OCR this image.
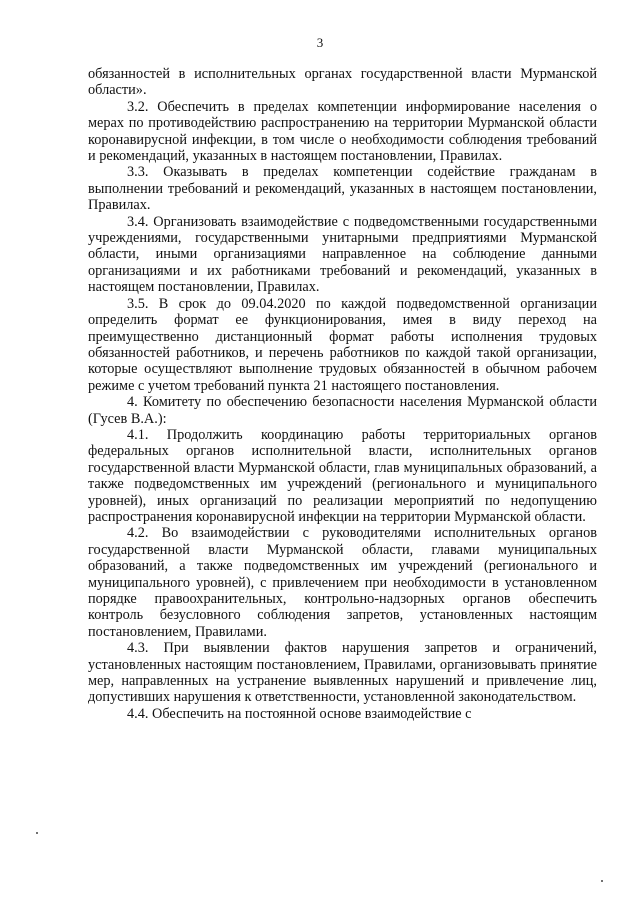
3

обязанностей в исполнительных органах государственной власти Мурманской области».

3.2. Обеспечить в пределах компетенции информирование населения о мерах по противодействию распространению на территории Мурманской области коронавирусной инфекции, в том числе о необходимости соблюдения требований и рекомендаций, указанных в настоящем постановлении, Правилах.

3.3. Оказывать в пределах компетенции содействие гражданам в выполнении требований и рекомендаций, указанных в настоящем постановлении, Правилах.

3.4. Организовать взаимодействие с подведомственными государственными учреждениями, государственными унитарными предприятиями Мурманской области, иными организациями направленное на соблюдение данными организациями и их работниками требований и рекомендаций, указанных в настоящем постановлении, Правилах.

3.5. В срок до 09.04.2020 по каждой подведомственной организации определить формат ее функционирования, имея в виду переход на преимущественно дистанционный формат работы исполнения трудовых обязанностей работников, и перечень работников по каждой такой организации, которые осуществляют выполнение трудовых обязанностей в обычном рабочем режиме с учетом требований пункта 21 настоящего постановления.

4. Комитету по обеспечению безопасности населения Мурманской области (Гусев В.А.):

4.1. Продолжить координацию работы территориальных органов федеральных органов исполнительной власти, исполнительных органов государственной власти Мурманской области, глав муниципальных образований, а также подведомственных им учреждений (регионального и муниципального уровней), иных организаций по реализации мероприятий по недопущению распространения коронавирусной инфекции на территории Мурманской области.

4.2. Во взаимодействии с руководителями исполнительных органов государственной власти Мурманской области, главами муниципальных образований, а также подведомственных им учреждений (регионального и муниципального уровней), с привлечением при необходимости в установленном порядке правоохранительных, контрольно-надзорных органов обеспечить контроль безусловного соблюдения запретов, установленных настоящим постановлением, Правилами.

4.3. При выявлении фактов нарушения запретов и ограничений, установленных настоящим постановлением, Правилами, организовывать принятие мер, направленных на устранение выявленных нарушений и привлечение лиц, допустивших нарушения к ответственности, установленной законодательством.

4.4. Обеспечить на постоянной основе взаимодействие с
